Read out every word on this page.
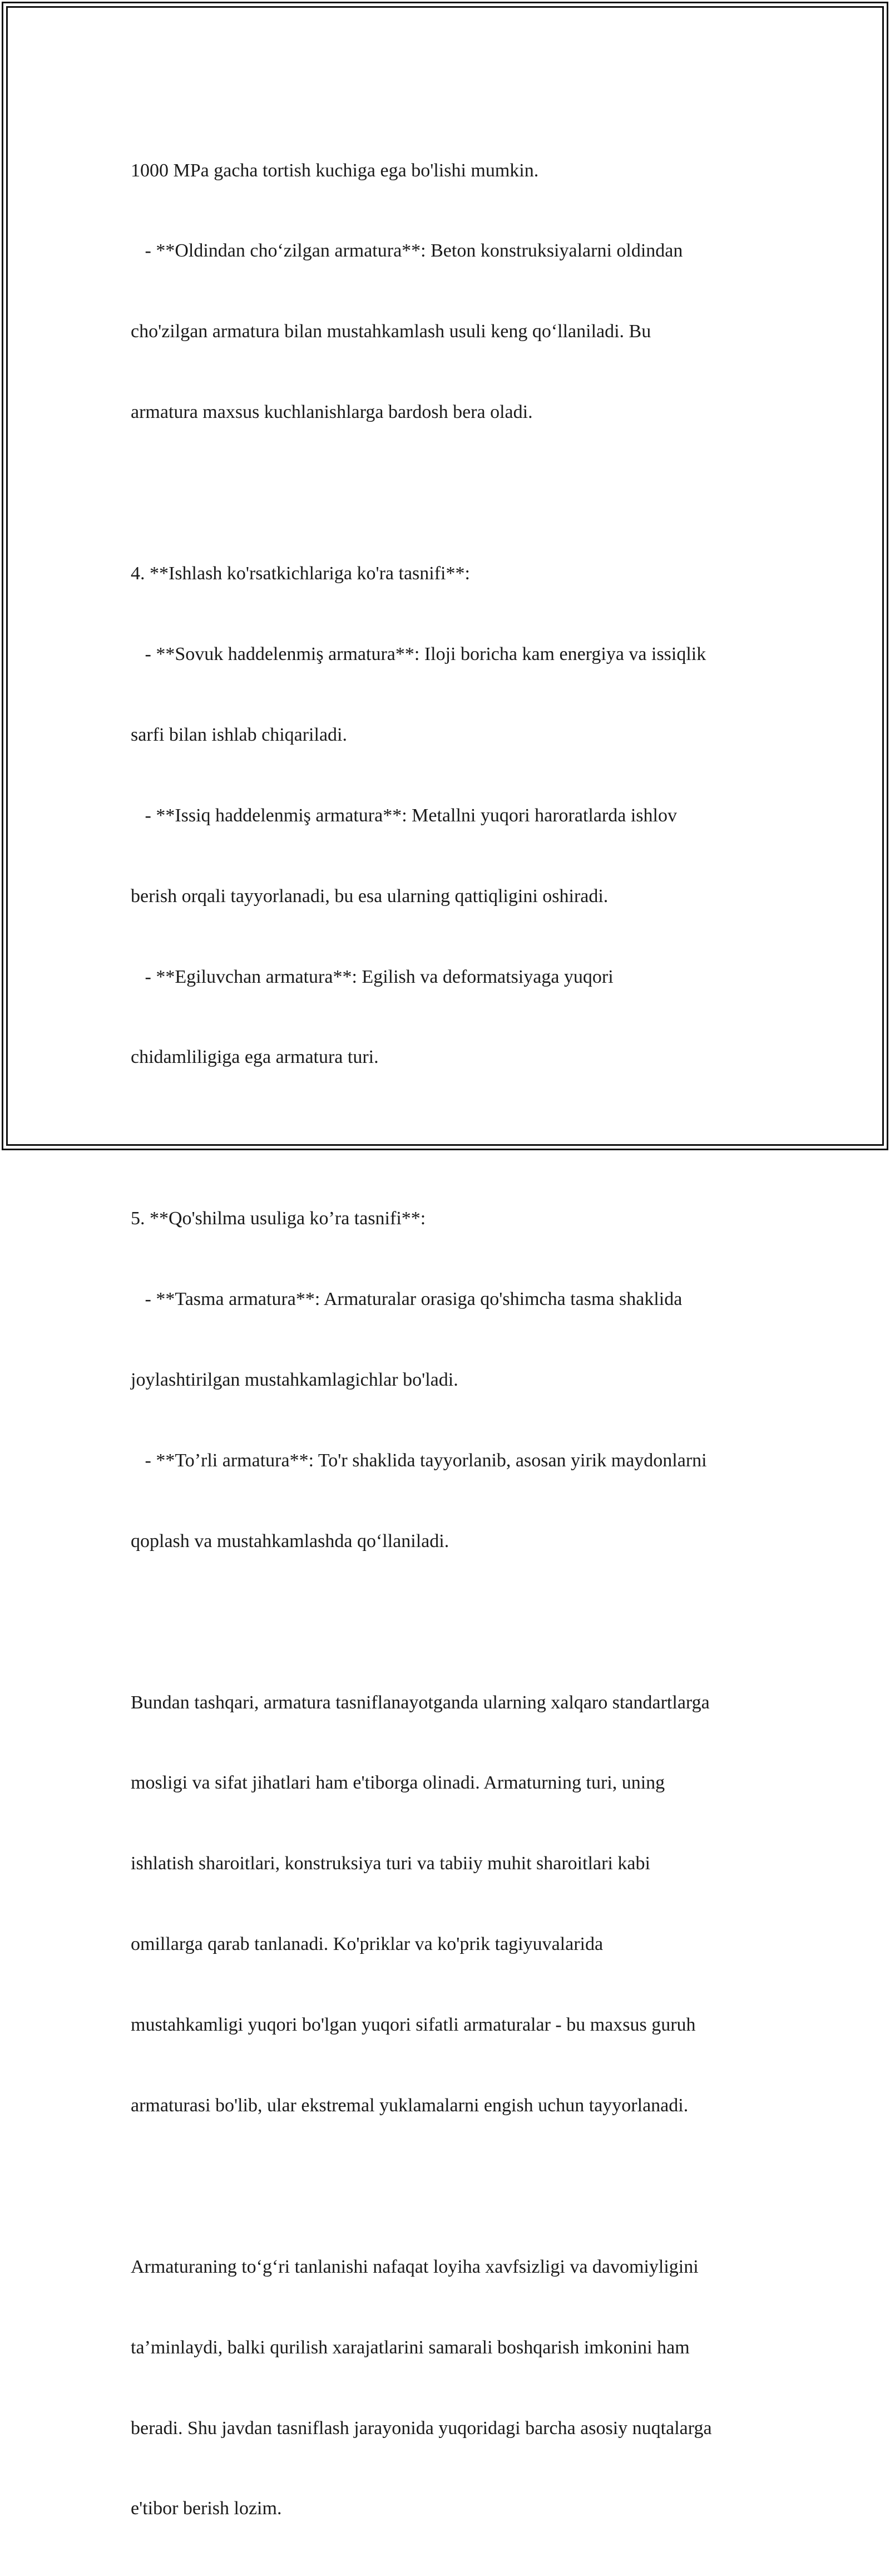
1000 MPa gacha tortish kuchiga ega bo'lishi mumkin.

- **Oldindan cho‘zilgan armatura**: Beton konstruksiyalarni oldindan

cho'zilgan armatura bilan mustahkamlash usuli keng qo‘llaniladi. Bu

armatura maxsus kuchlanishlarga bardosh bera oladi.

4. **Ishlash ko'rsatkichlariga ko'ra tasnifi**:

- **Sovuk haddelenmiş armatura**: Iloji boricha kam energiya va issiqlik

sarfi bilan ishlab chiqariladi.

- **Issiq haddelenmiş armatura**: Metallni yuqori haroratlarda ishlov

berish orqali tayyorlanadi, bu esa ularning qattiqligini oshiradi.

- **Egiluvchan armatura**: Egilish va deformatsiyaga yuqori

chidamliligiga ega armatura turi.

5. **Qo'shilma usuliga ko’ra tasnifi**:

- **Tasma armatura**: Armaturalar orasiga qo'shimcha tasma shaklida

joylashtirilgan mustahkamlagichlar bo'ladi.

- **To’rli armatura**: To'r shaklida tayyorlanib, asosan yirik maydonlarni

qoplash va mustahkamlashda qo‘llaniladi.

Bundan tashqari, armatura tasniflanayotganda ularning xalqaro standartlarga

mosligi va sifat jihatlari ham e'tiborga olinadi. Armaturning turi, uning

ishlatish sharoitlari, konstruksiya turi va tabiiy muhit sharoitlari kabi

omillarga qarab tanlanadi. Ko'priklar va ko'prik tagiyuvalarida

mustahkamligi yuqori bo'lgan yuqori sifatli armaturalar - bu maxsus guruh

armaturasi bo'lib, ular ekstremal yuklamalarni engish uchun tayyorlanadi.

Armaturaning to‘g‘ri tanlanishi nafaqat loyiha xavfsizligi va davomiyligini

ta’minlaydi, balki qurilish xarajatlarini samarali boshqarish imkonini ham

beradi. Shu javdan tasniflash jarayonida yuqoridagi barcha asosiy nuqtalarga

e'tibor berish lozim.
